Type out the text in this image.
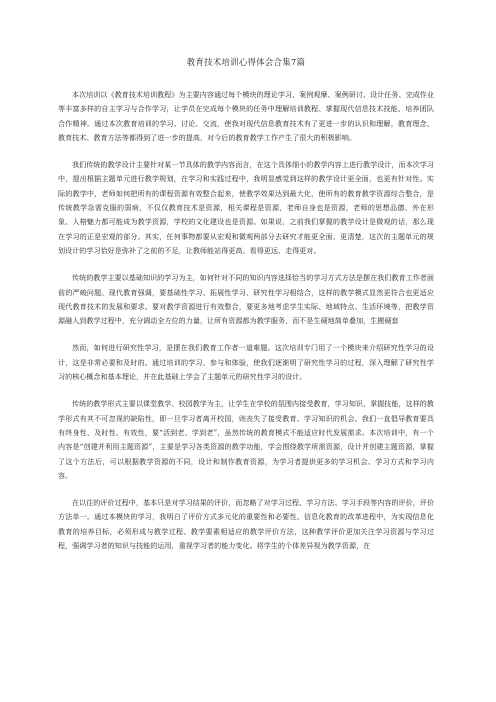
教育技术培训心得体会合集7篇

本次培训以《教育技术培训教程》为主要内容通过每个模块的理论学习、案例观摩、案例研讨、设计任务、完成作业等丰富多样的自主学习与合作学习，让学员在完成每个模块的任务中理解培训教程、掌握现代信息技术技能、培养团队合作精神。通过本次教育培训的学习、讨论、交流，使我对现代信息教育技术有了更进一步的认识和理解，教育理念、教育技术、教育方法等都得到了进一步的提高，对今后的教育教学工作产生了很大的积极影响。

我们传统的教学设计主要针对某一节具体的教学内容而言，在这个具体细小的教学内容上进行教学设计，而本次学习中，提出根据主题单元进行教学规划，在学习和实践过程中，我明显感觉到这样的教学设计更全面，也更有针对性。实际的教学中，老师如何把所有的课程资源有效整合起来，使教学效果达到最大化，使所有的教育教学资源综合整合，是传统教学急需克服的弱病，不仅仅教育技术是资源，相关课程是资源，老师自身也是资源，老师的思想品德、外在形象、人格魅力都可能成为教学资源，学校的文化建设也是资源。如果说，之前我们掌握的教学设计是微观的话，那么现在学习的正是宏观的部分。其实，任何事物都要从宏观和微观两部分去研究才能更全面、更清楚，这次的主题单元的规划设计的学习恰好是弥补了之前的不足，让教师能站得更高、看得更远、走得更对。

传统的教学主要以基础知识的学习为主，如何针对不同的知识内容选择恰当的学习方式方法是摆在我们教育工作者面前的严峻问题。现代教育强调，要基础性学习、拓展性学习、研究性学习相结合，这样的教学模式显然更符合也更适应现代教育技术的发展和要求。要对教学资源进行有效整合，要更多地考虑学生实际、地域特点、生活环境等，把教学资源融入到教学过程中，充分调动全方位的力量，让所有资源都为教学服务，而不是生硬地简单叠加，生搬硬套

然而，如何进行研究性学习，是摆在我们教育工作者一道难题。这次培训专门用了一个模块来介绍研究性学习的设计，这是非常必要和及时的。通过培训的学习、参与和体验，使我们逐渐明了研究性学习的过程，深入理解了研究性学习的核心概念和基本理论，并在此基础上学会了主题单元的研究性学习的设计。

传统的教学形式主要以课堂教学、校园教学为主，让学生在学校的氛围内接受教育，学习知识、掌握技能，这样的教学形式有其不可忽视的缺陷性，即一旦学习者离开校园，则丧失了接受教育、学习知识的机会。我们一直倡导教育要具有终身性、及时性、有效性，要“活到老、学到老”，虽然传统的教育模式不能适应时代发展需求。本次培训中，有一个内容是“创建并利用主题资源”，主要是学习各类资源的教学功能，学会围绕教学所需资源，设计并创建主题资源，掌握了这个方法后，可以根据教学资源的不同，设计和制作教育资源，为学习者提供更多的学习机会、学习方式和学习内容。

在以往的评价过程中，基本只是对学习结果的评价，而忽略了对学习过程、学习方法、学习手段等内容的评价，评价方法单一。通过本模块的学习，我明白了评价方式多元化的重要性和必要性。信息化教育的改革进程中，为实现信息化教育的培养目标，必须形成与教学过程、教学要素相适应的教学评价方法，这种教学评价更加关注学习资源与学习过程，强调学习者的知识与技能的运用，重视学习者的能力变化。将学生的个体差异视为教学资源，在
